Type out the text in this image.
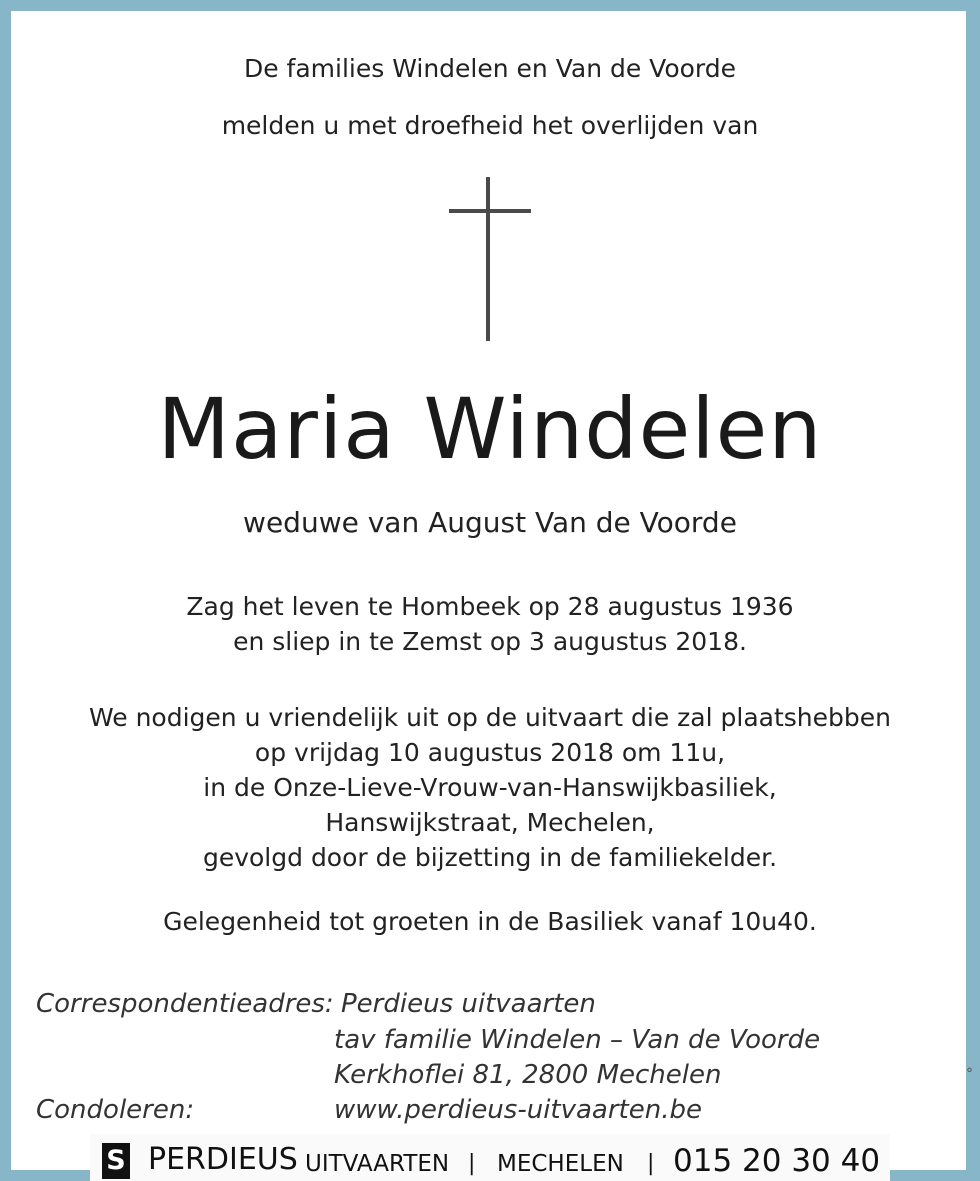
De families Windelen en Van de Voorde
melden u met droefheid het overlijden van
Maria Windelen
weduwe van August Van de Voorde
Zag het leven te Hombeek op 28 augustus 1936
en sliep in te Zemst op 3 augustus 2018.
We nodigen u vriendelijk uit op de uitvaart die zal plaatshebben
op vrijdag 10 augustus 2018 om 11u,
in de Onze-Lieve-Vrouw-van-Hanswijkbasiliek,
Hanswijkstraat, Mechelen,
gevolgd door de bijzetting in de familiekelder.
Gelegenheid tot groeten in de Basiliek vanaf 10u40.
Correspondentieadres: Perdieus uitvaarten
tav familie Windelen – Van de Voorde
Kerkhoflei 81, 2800 Mechelen
Condoleren:	www.perdieus-uitvaarten.be
°
S PERDIEUS UITVAARTEN | MECHELEN | 015 20 30 40
